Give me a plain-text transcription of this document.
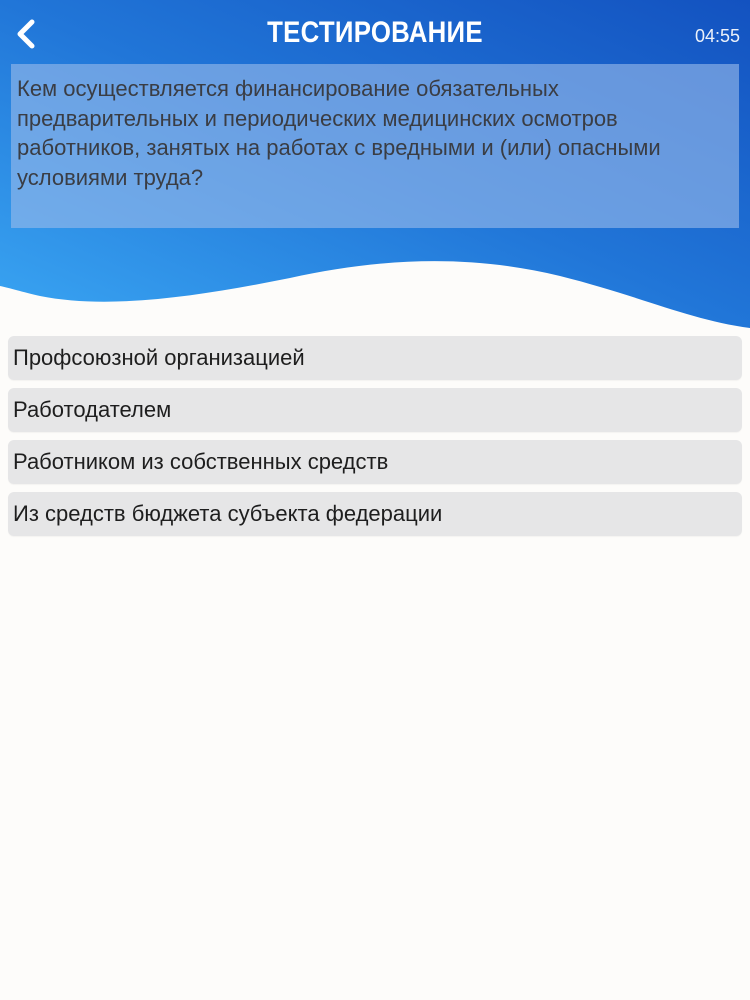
ТЕСТИРОВАНИЕ	04:55

Кем осуществляется финансирование обязательных предварительных и периодических медицинских осмотров работников, занятых на работах с вредными и (или) опасными условиями труда?

Профсоюзной организацией
Работодателем
Работником из собственных средств
Из средств бюджета субъекта федерации
